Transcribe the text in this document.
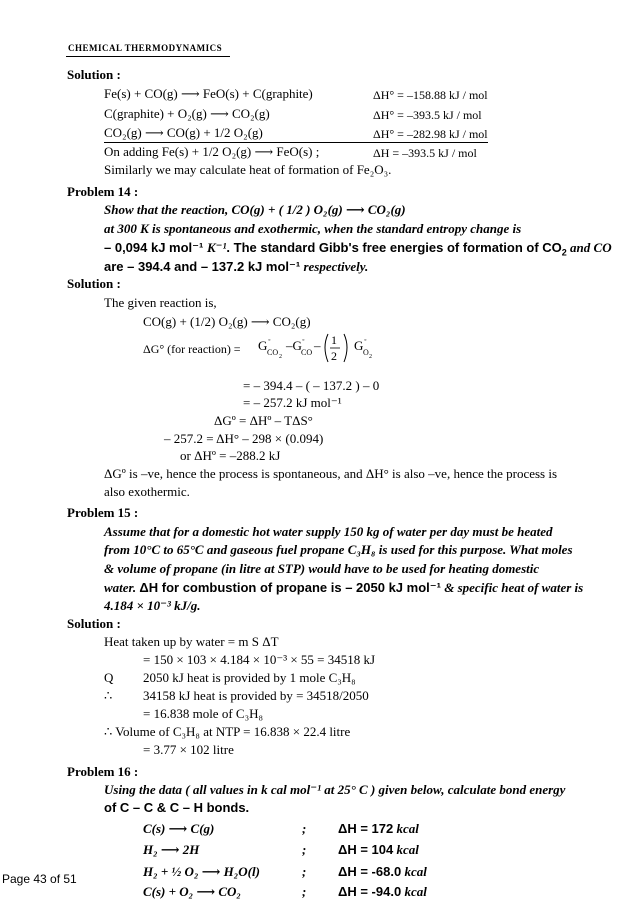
CHEMICAL THERMODYNAMICS
Solution :
Fe(s) + CO(g) ⟶ FeO(s) + C(graphite)	ΔH° = –158.88 kJ / mol
C(graphite) + O₂(g) ⟶ CO₂(g)	ΔH° = –393.5 kJ / mol
CO₂(g) ⟶ CO(g) + 1/2 O₂(g)	ΔH° = –282.98 kJ / mol
On adding Fe(s) + 1/2 O₂(g) ⟶ FeO(s) ;	ΔH = –393.5 kJ / mol
Similarly we may calculate heat of formation of Fe₂O₃.
Problem 14 :
Show that the reaction, CO(g) + ( 1/2 ) O₂(g) ⟶ CO₂(g)
at 300 K is spontaneous and exothermic, when the standard entropy change is
– 0,094 kJ mol⁻¹ K⁻¹. The standard Gibb's free energies of formation of $CO_2$ and CO
are – 394.4 and – 137.2 kJ mol⁻¹ respectively.
Solution :
The given reaction is,
CO(g) + (1/2) O₂(g) ⟶ CO₂(g)
ΔG° (for reaction) = G ◦
CO 2
–G ◦
CO – 1
2
G ◦
O 2
= – 394.4 – ( – 137.2 ) – 0
= – 257.2 kJ mol⁻¹
ΔGº = ΔHº – TΔS°
– 257.2 = ΔH° – 298 × (0.094)
or ΔHº = –288.2 kJ
ΔGº is –ve, hence the process is spontaneous, and ΔH° is also –ve, hence the process is
also exothermic.
Problem 15 :
Assume that for a domestic hot water supply 150 kg of water per day must be heated
from 10°C to 65°C and gaseous fuel propane C₃H₈ is used for this purpose. What moles
& volume of propane (in litre at STP) would have to be used for heating domestic
water. ΔH for combustion of propane is – 2050 kJ mol⁻¹ & specific heat of water is
4.184 × 10⁻³ kJ/g.
Solution :
Heat taken up by water = m S ΔT
= 150 × 103 × 4.184 × 10⁻³ × 55 = 34518 kJ
Q 2050 kJ heat is provided by 1 mole C₃H₈
∴ 34158 kJ heat is provided by = 34518/2050
= 16.838 mole of C₃H₈
∴ Volume of C₃H₈ at NTP = 16.838 × 22.4 litre
= 3.77 × 102 litre
Problem 16 :
Using the data ( all values in k cal mol⁻¹ at 25° C ) given below, calculate bond energy
of C – C & C – H bonds.
C(s) ⟶ C(g)	; ΔH = 172 kcal
H₂ ⟶ 2H	; ΔH = 104 kcal
H₂ + ½ O₂ ⟶ H₂O(l)	; ΔH = -68.0 kcal
C(s) + O₂ ⟶ CO₂	; ΔH = -94.0 kcal
Page 43 of 51
